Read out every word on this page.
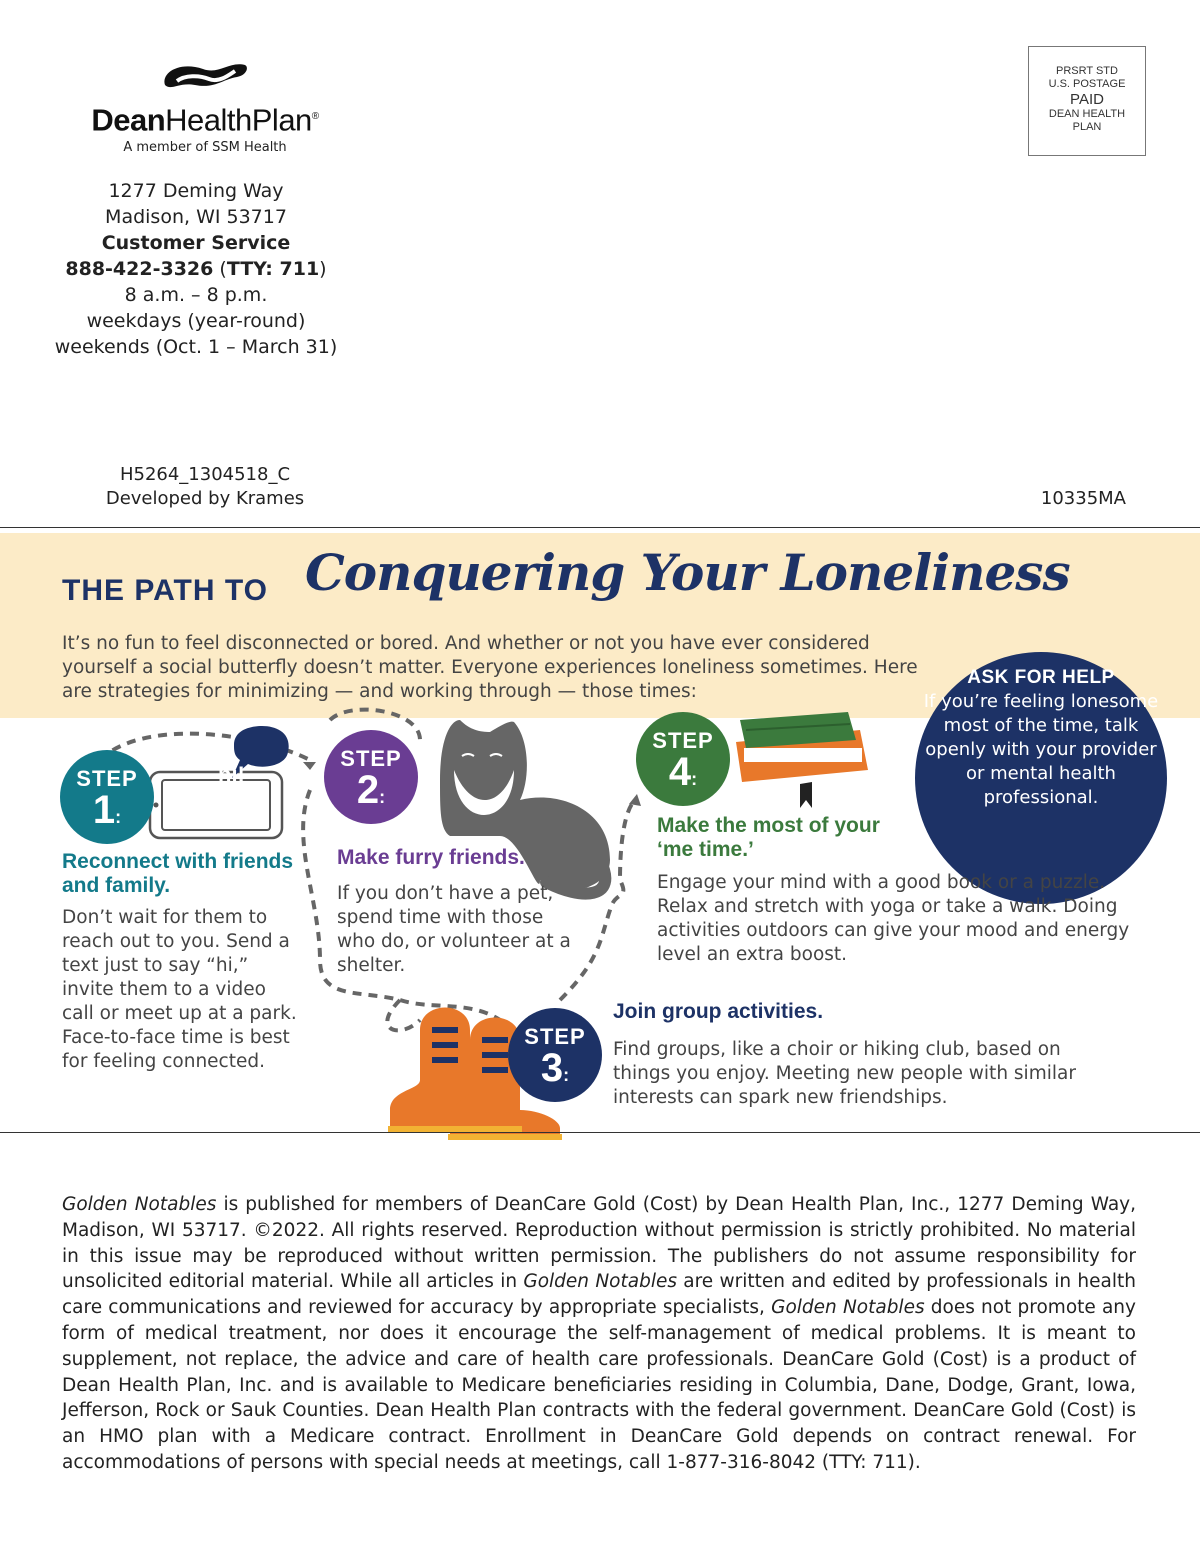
DeanHealthPlan®
A member of SSM Health
1277 Deming Way
Madison, WI 53717
Customer Service
888-422-3326 (TTY: 711)
8 a.m. – 8 p.m.
weekdays (year-round)
weekends (Oct. 1 – March 31)
PRSRT STD
U.S. POSTAGE
PAID
DEAN HEALTH
PLAN
H5264_1304518_C
Developed by Krames	10335MA
THE PATH TO Conquering Your Loneliness
It’s no fun to feel disconnected or bored. And whether or not you have ever considered yourself a social butterfly doesn’t matter. Everyone experiences loneliness sometimes. Here are strategies for minimizing — and working through — those times:
hi!
ASK FOR HELP
If you’re feeling lonesome most of the time, talk openly with your provider or mental health professional.
STEP
1:
STEP
2:
STEP
3:
STEP
4:
Reconnect with friends and family.
Don’t wait for them to reach out to you. Send a text just to say “hi,” invite them to a video call or meet up at a park. Face-to-face time is best for feeling connected.
Make furry friends.
If you don’t have a pet, spend time with those who do, or volunteer at a shelter.
Join group activities.
Find groups, like a choir or hiking club, based on things you enjoy. Meeting new people with similar interests can spark new friendships.
Make the most of your ‘me time.’
Engage your mind with a good book or a puzzle. Relax and stretch with yoga or take a walk. Doing activities outdoors can give your mood and energy level an extra boost.
Golden Notables is published for members of DeanCare Gold (Cost) by Dean Health Plan, Inc., 1277 Deming Way, Madison, WI 53717. ©2022. All rights reserved. Reproduction without permission is strictly prohibited. No material in this issue may be reproduced without written permission. The publishers do not assume responsibility for unsolicited editorial material. While all articles in Golden Notables are written and edited by professionals in health care communications and reviewed for accuracy by appropriate specialists, Golden Notables does not promote any form of medical treatment, nor does it encourage the self-management of medical problems. It is meant to supplement, not replace, the advice and care of health care professionals. DeanCare Gold (Cost) is a product of Dean Health Plan, Inc. and is available to Medicare beneficiaries residing in Columbia, Dane, Dodge, Grant, Iowa, Jefferson, Rock or Sauk Counties. Dean Health Plan contracts with the federal government. DeanCare Gold (Cost) is an HMO plan with a Medicare contract. Enrollment in DeanCare Gold depends on contract renewal. For accommodations of persons with special needs at meetings, call 1-877-316-8042 (TTY: 711).
